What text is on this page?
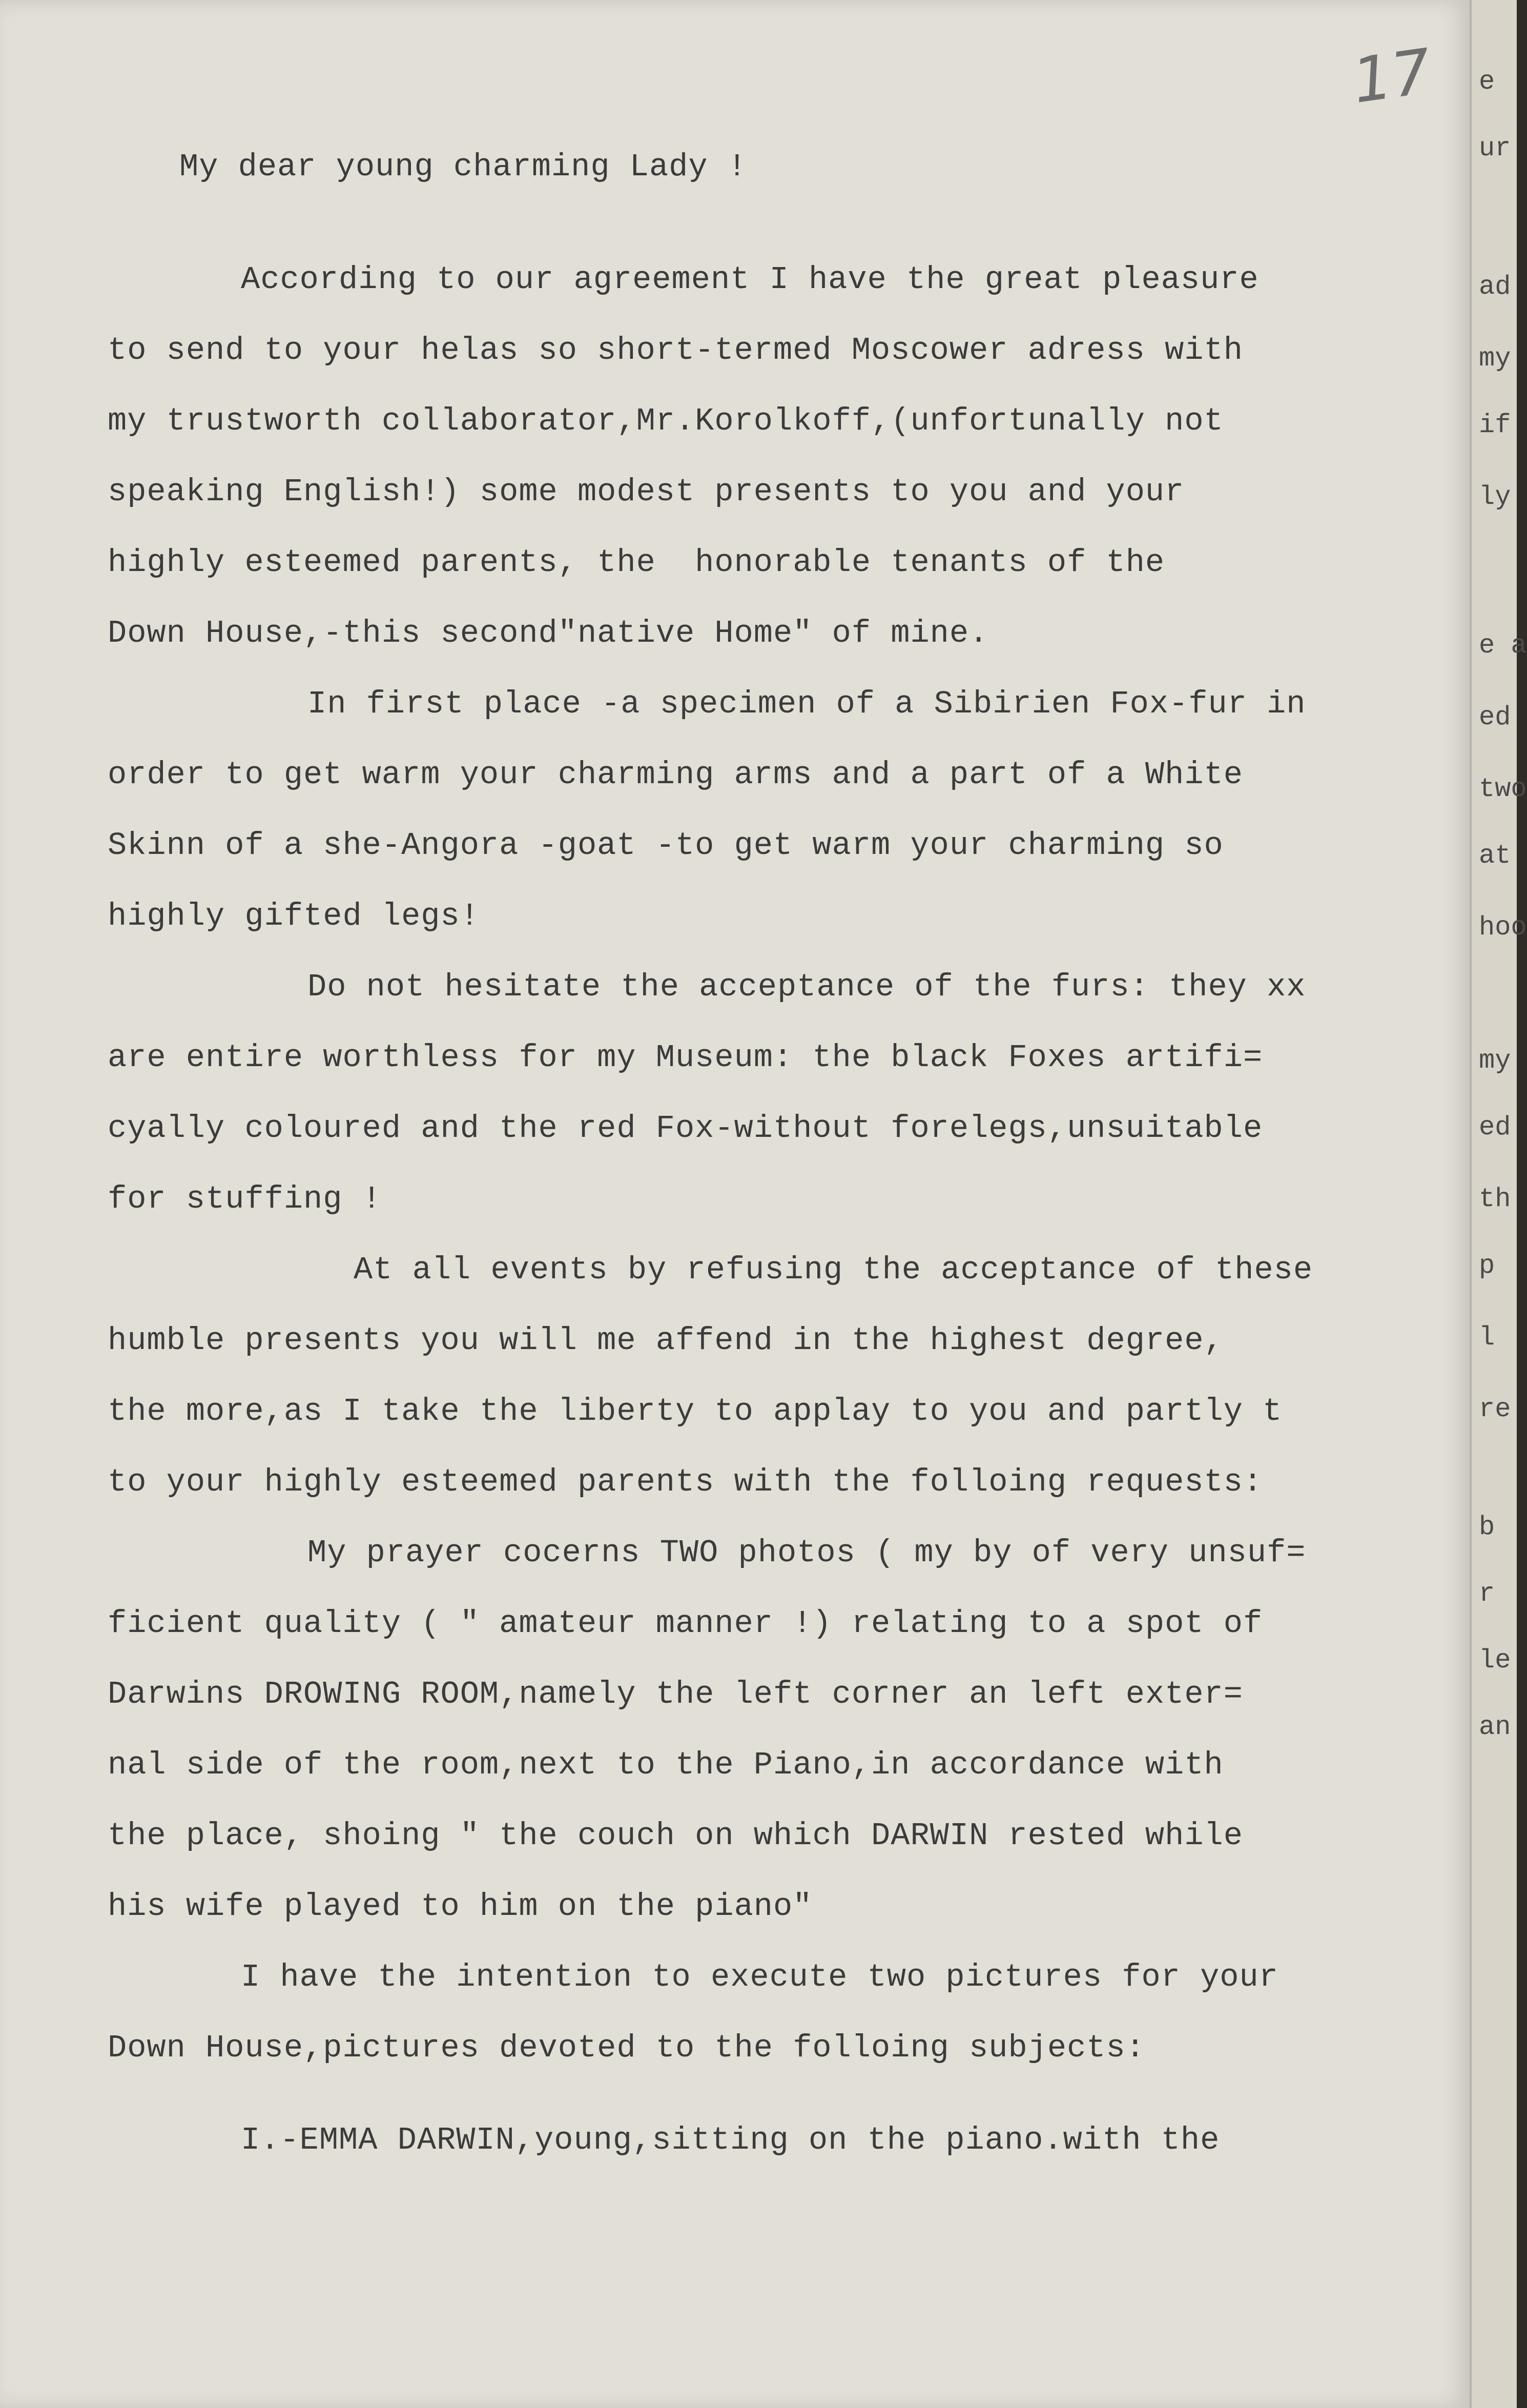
17
My dear young charming Lady !
According to our agreement I have the great pleasure
to send to your helas so short-termed Moscower adress with
my trustworth collaborator,Mr.Korolkoff,(unfortunally not
speaking English!) some modest presents to you and your
highly esteemed parents, the  honorable tenants of the
Down House,-this second"native Home" of mine.
In first place -a specimen of a Sibirien Fox-fur in
order to get warm your charming arms and a part of a White
Skinn of a she-Angora -goat -to get warm your charming so
highly gifted legs!
Do not hesitate the acceptance of the furs: they xx
are entire worthless for my Museum: the black Foxes artifi=
cyally coloured and the red Fox-without forelegs,unsuitable
for stuffing !
At all events by refusing the acceptance of these
humble presents you will me affend in the highest degree,
the more,as I take the liberty to applay to you and partly t
to your highly esteemed parents with the folloing requests:
My prayer cocerns TWO photos ( my by of very unsuf=
ficient quality ( " amateur manner !) relating to a spot of
Darwins DROWING ROOM,namely the left corner an left exter=
nal side of the room,next to the Piano,in accordance with
the place, shoing " the couch on which DARWIN rested while
his wife played to him on the piano"
I have the intention to execute two pictures for your
Down House,pictures devoted to the folloing subjects:
I.-EMMA DARWIN,young,sitting on the piano.with the
e
ur
ad
my
if
ly
e a
ed
two
at
hoo
my
ed
th
p
l
re
b
r
le
an
